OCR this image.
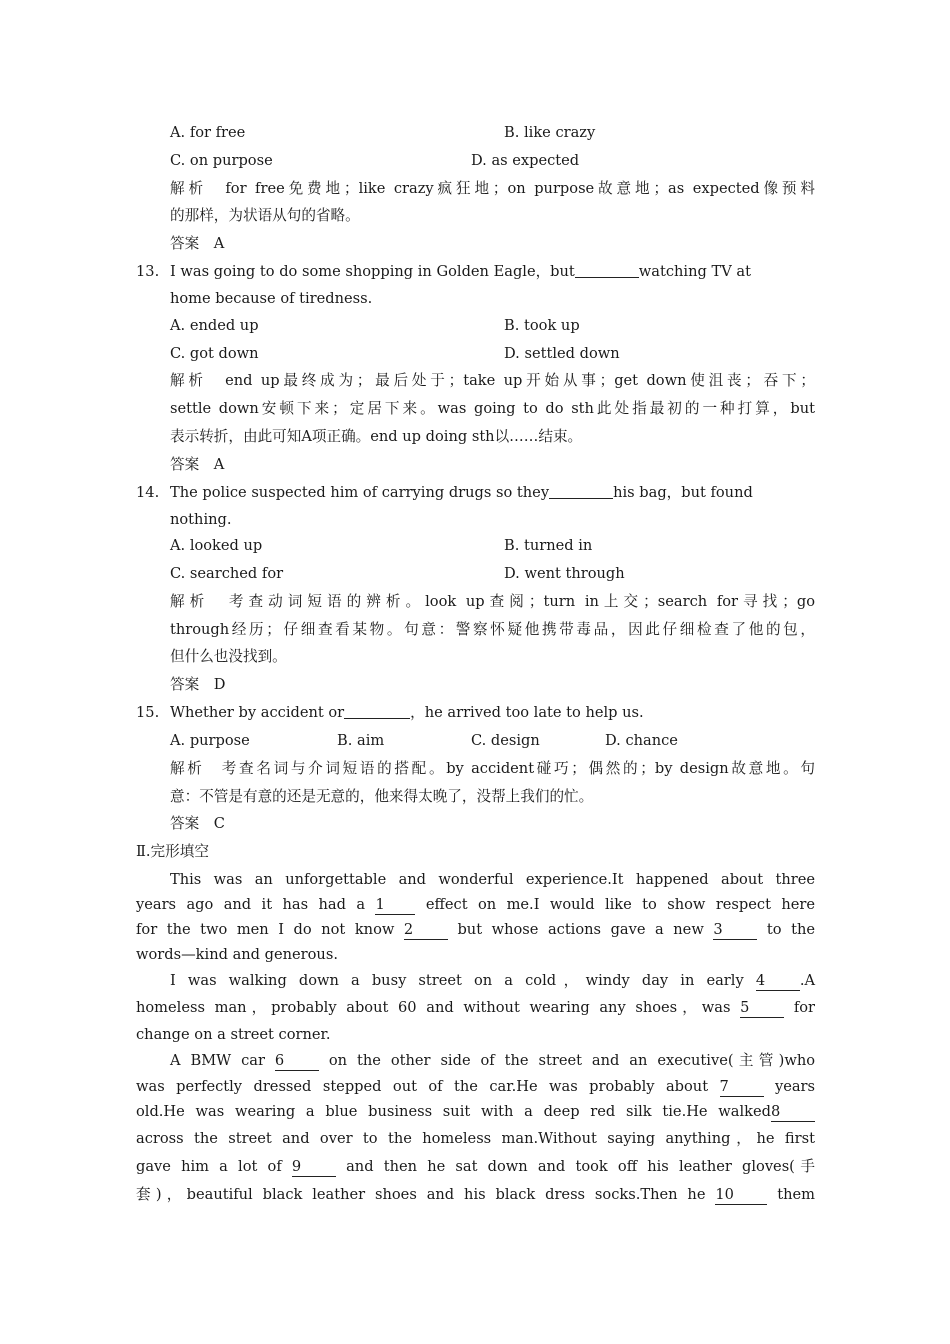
A. for free	B. like crazy
C. on purpose	D. as expected
解析　for free免费地；like crazy疯狂地；on purpose故意地；as expected像预料
的那样，为状语从句的省略。
答案　A
13. I was going to do some shopping in Golden Eagle，but	watching TV at
home because of tiredness.
A. ended up	B. took up
C. got down	D. settled down
解析　end up最终成为；最后处于；take up开始从事；get down使沮丧；吞下；
settle down安顿下来；定居下来。was going to do sth此处指最初的一种打算，but
表示转折，由此可知A项正确。end up doing sth以……结束。
答案　A
14. The police suspected him of carrying drugs so they	his bag，but found
nothing.
A. looked up	B. turned in
C. searched for	D. went through
解析　考查动词短语的辨析。look up查阅；turn in上交；search for寻找；go
through经历；仔细查看某物。句意：警察怀疑他携带毒品，因此仔细检查了他的包，
但什么也没找到。
答案　D
15. Whether by accident or	，he arrived too late to help us.
A. purpose	B. aim	C. design	D. chance
解析　考查名词与介词短语的搭配。by accident碰巧；偶然的；by design故意地。句
意：不管是有意的还是无意的，他来得太晚了，没帮上我们的忙。
答案　C
Ⅱ.完形填空
This was an unforgettable and wonderful experience.It happened about three
years ago and it has had a 1	effect on me.I would like to show respect here
for the two men I do not know 2	but whose actions gave a new 3	to the
words—kind and generous.
I was walking down a busy street on a cold，windy day in early 4 .A
homeless man，probably about 60 and without wearing any shoes，was 5	for
change on a street corner.
A BMW car 6	on the other side of the street and an executive(主管)who
was perfectly dressed stepped out of the car.He was probably about 7	years
old.He was wearing a blue business suit with a deep red silk tie.He walked8
across the street and over to the homeless man.Without saying anything，he first
gave him a lot of 9	and then he sat down and took off his leather gloves(手
套)，beautiful black leather shoes and his black dress socks.Then he 10	them
